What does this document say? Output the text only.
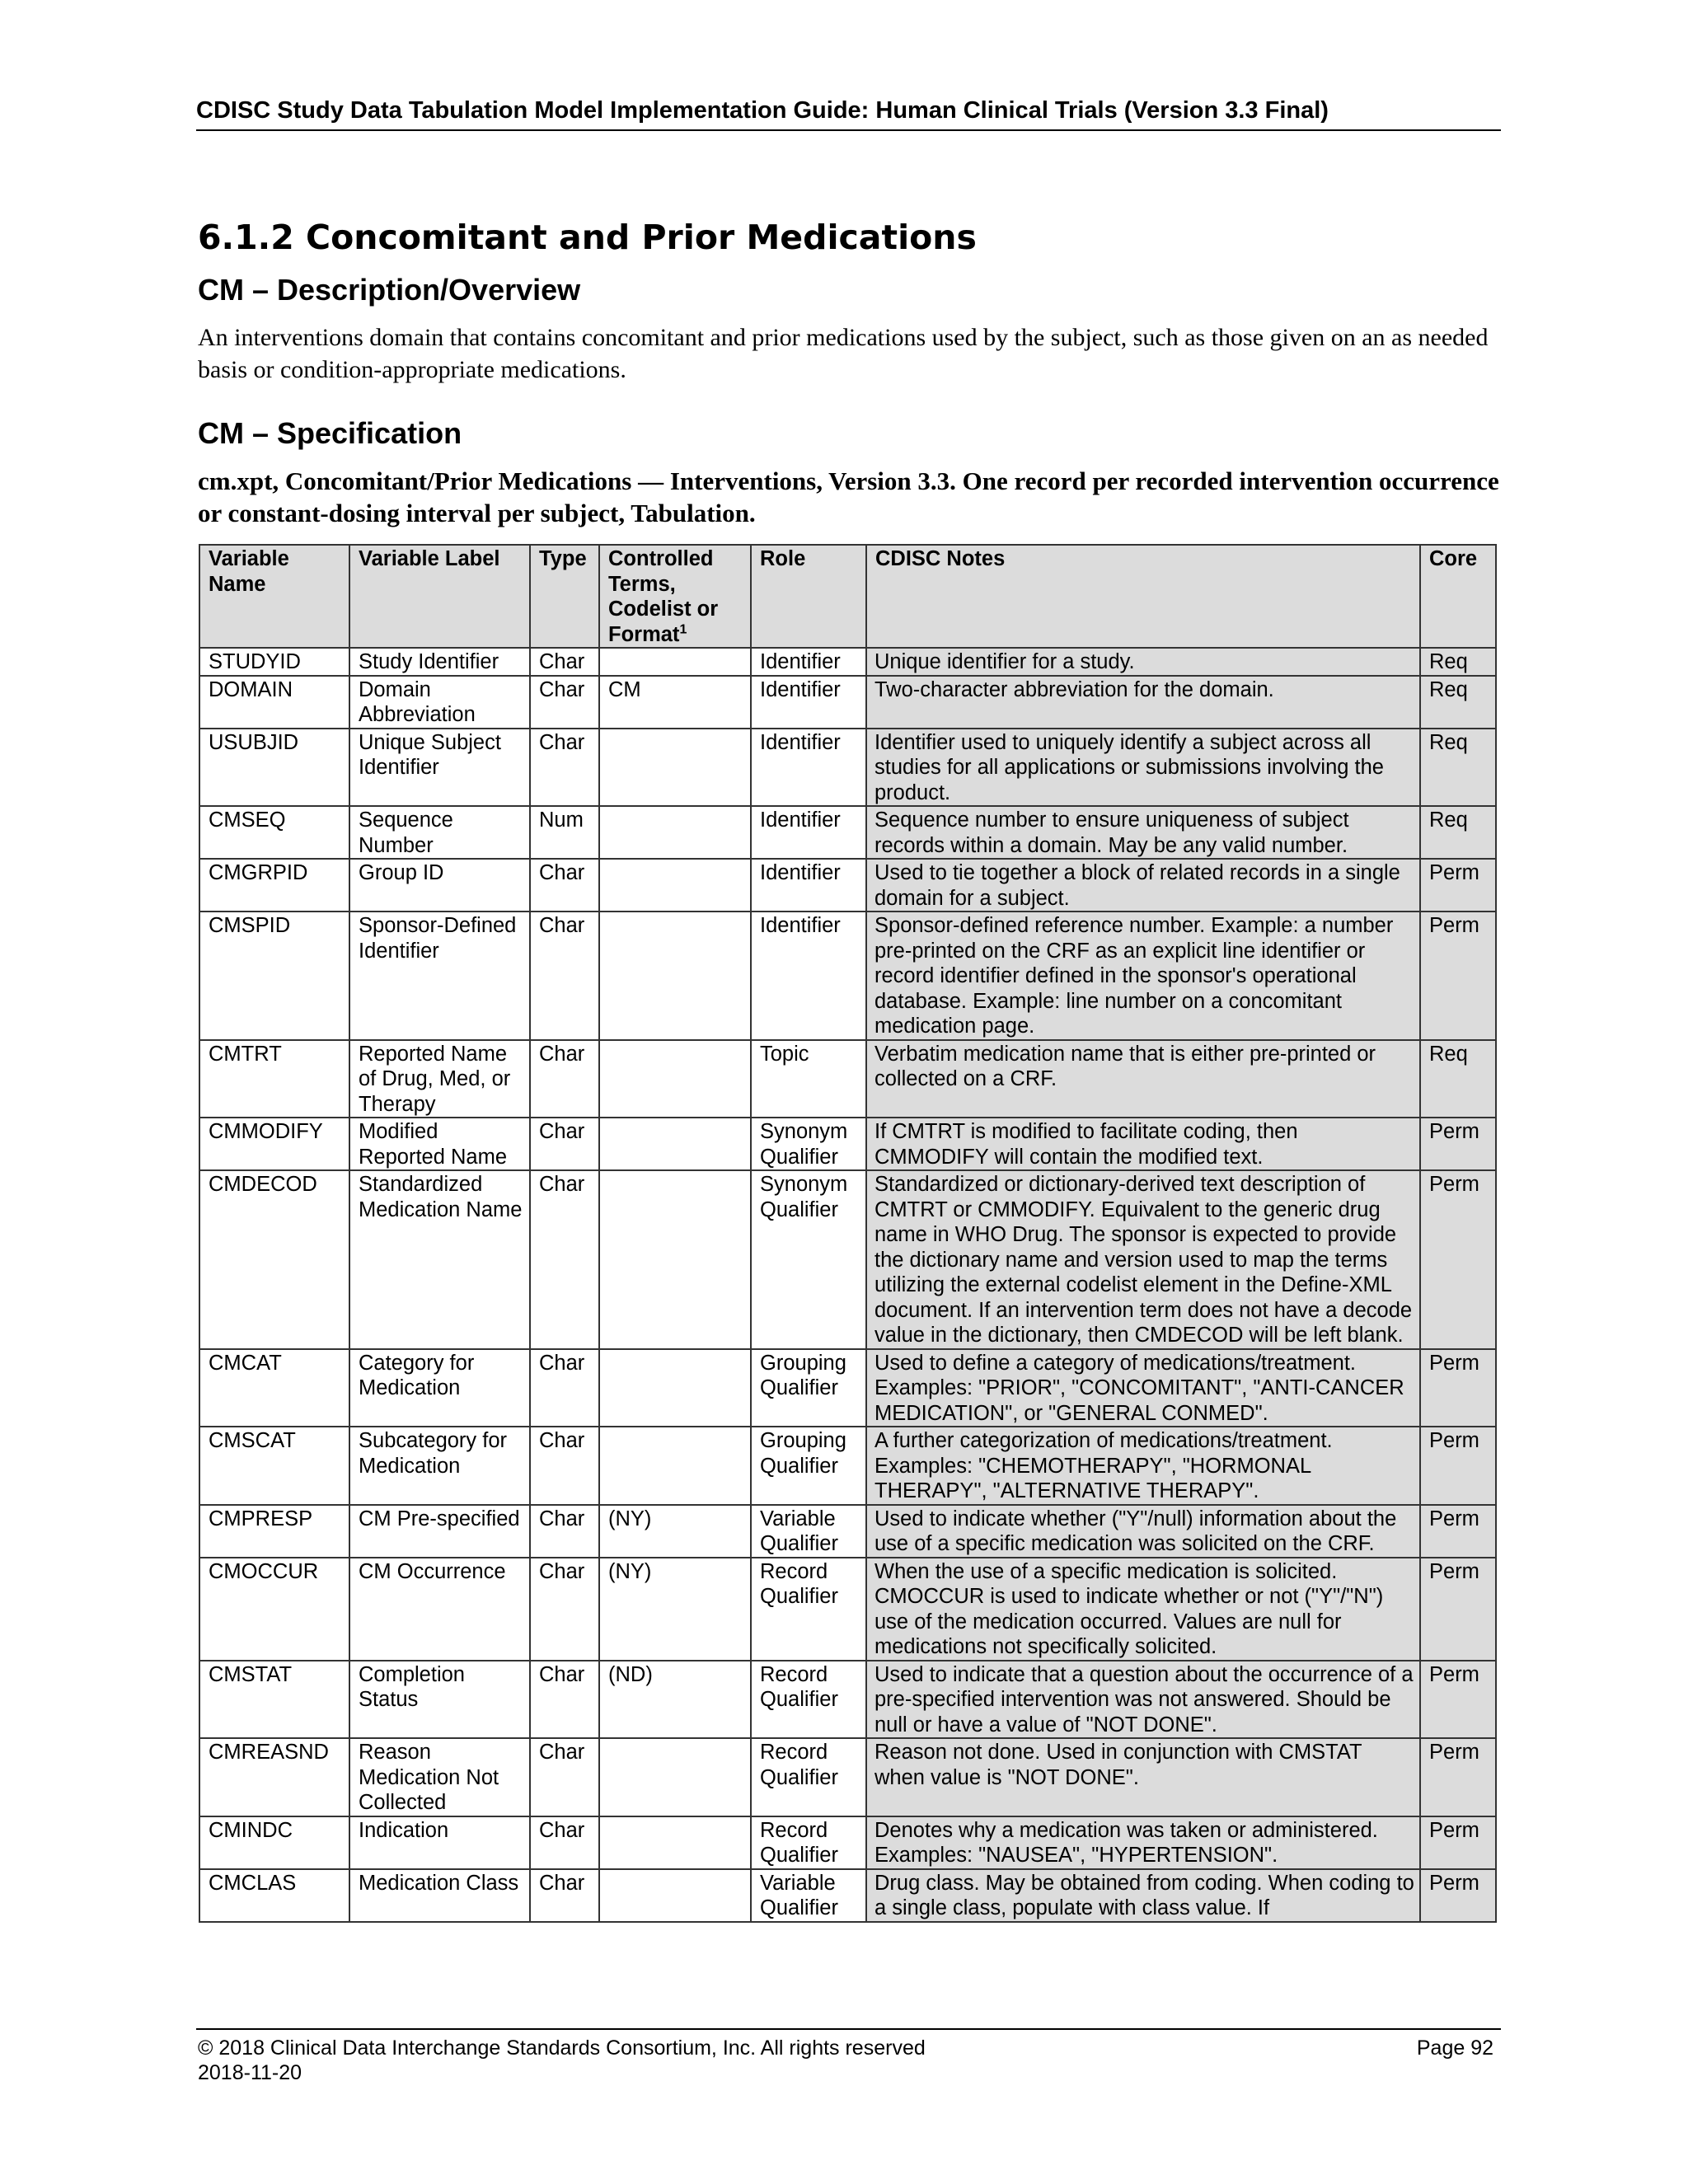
CDISC Study Data Tabulation Model Implementation Guide: Human Clinical Trials (Version 3.3 Final)
6.1.2 Concomitant and Prior Medications
CM – Description/Overview
An interventions domain that contains concomitant and prior medications used by the subject, such as those given on an as needed basis or condition-appropriate medications.
CM – Specification
cm.xpt, Concomitant/Prior Medications — Interventions, Version 3.3. One record per recorded intervention occurrence or constant-dosing interval per subject, Tabulation.
Variable Name	Variable Label	Type	Controlled Terms, Codelist or Format$^1$	Role	CDISC Notes	Core
STUDYID	Study Identifier	Char		Identifier	Unique identifier for a study.	Req
DOMAIN	Domain Abbreviation	Char	CM	Identifier	Two-character abbreviation for the domain.	Req
USUBJID	Unique Subject Identifier	Char		Identifier	Identifier used to uniquely identify a subject across all studies for all applications or submissions involving the product.	Req
CMSEQ	Sequence Number	Num		Identifier	Sequence number to ensure uniqueness of subject records within a domain. May be any valid number.	Req
CMGRPID	Group ID	Char		Identifier	Used to tie together a block of related records in a single domain for a subject.	Perm
CMSPID	Sponsor-Defined Identifier	Char		Identifier	Sponsor-defined reference number. Example: a number pre-printed on the CRF as an explicit line identifier or record identifier defined in the sponsor's operational database. Example: line number on a concomitant medication page.	Perm
CMTRT	Reported Name of Drug, Med, or Therapy	Char		Topic	Verbatim medication name that is either pre-printed or collected on a CRF.	Req
CMMODIFY	Modified Reported Name	Char		Synonym Qualifier	If CMTRT is modified to facilitate coding, then CMMODIFY will contain the modified text.	Perm
CMDECOD	Standardized Medication Name	Char		Synonym Qualifier	Standardized or dictionary-derived text description of CMTRT or CMMODIFY. Equivalent to the generic drug name in WHO Drug. The sponsor is expected to provide the dictionary name and version used to map the terms utilizing the external codelist element in the Define-XML document. If an intervention term does not have a decode value in the dictionary, then CMDECOD will be left blank.	Perm
CMCAT	Category for Medication	Char		Grouping Qualifier	Used to define a category of medications/treatment. Examples: "PRIOR", "CONCOMITANT", "ANTI-CANCER MEDICATION", or "GENERAL CONMED".	Perm
CMSCAT	Subcategory for Medication	Char		Grouping Qualifier	A further categorization of medications/treatment. Examples: "CHEMOTHERAPY", "HORMONAL THERAPY", "ALTERNATIVE THERAPY".	Perm
CMPRESP	CM Pre-specified	Char	(NY)	Variable Qualifier	Used to indicate whether ("Y"/null) information about the use of a specific medication was solicited on the CRF.	Perm
CMOCCUR	CM Occurrence	Char	(NY)	Record Qualifier	When the use of a specific medication is solicited. CMOCCUR is used to indicate whether or not ("Y"/"N") use of the medication occurred. Values are null for medications not specifically solicited.	Perm
CMSTAT	Completion Status	Char	(ND)	Record Qualifier	Used to indicate that a question about the occurrence of a pre-specified intervention was not answered. Should be null or have a value of "NOT DONE".	Perm
CMREASND	Reason Medication Not Collected	Char		Record Qualifier	Reason not done. Used in conjunction with CMSTAT when value is "NOT DONE".	Perm
CMINDC	Indication	Char		Record Qualifier	Denotes why a medication was taken or administered. Examples: "NAUSEA", "HYPERTENSION".	Perm
CMCLAS	Medication Class	Char		Variable Qualifier	Drug class. May be obtained from coding. When coding to a single class, populate with class value. If	Perm
© 2018 Clinical Data Interchange Standards Consortium, Inc. All rights reserved
2018-11-20
Page 92
